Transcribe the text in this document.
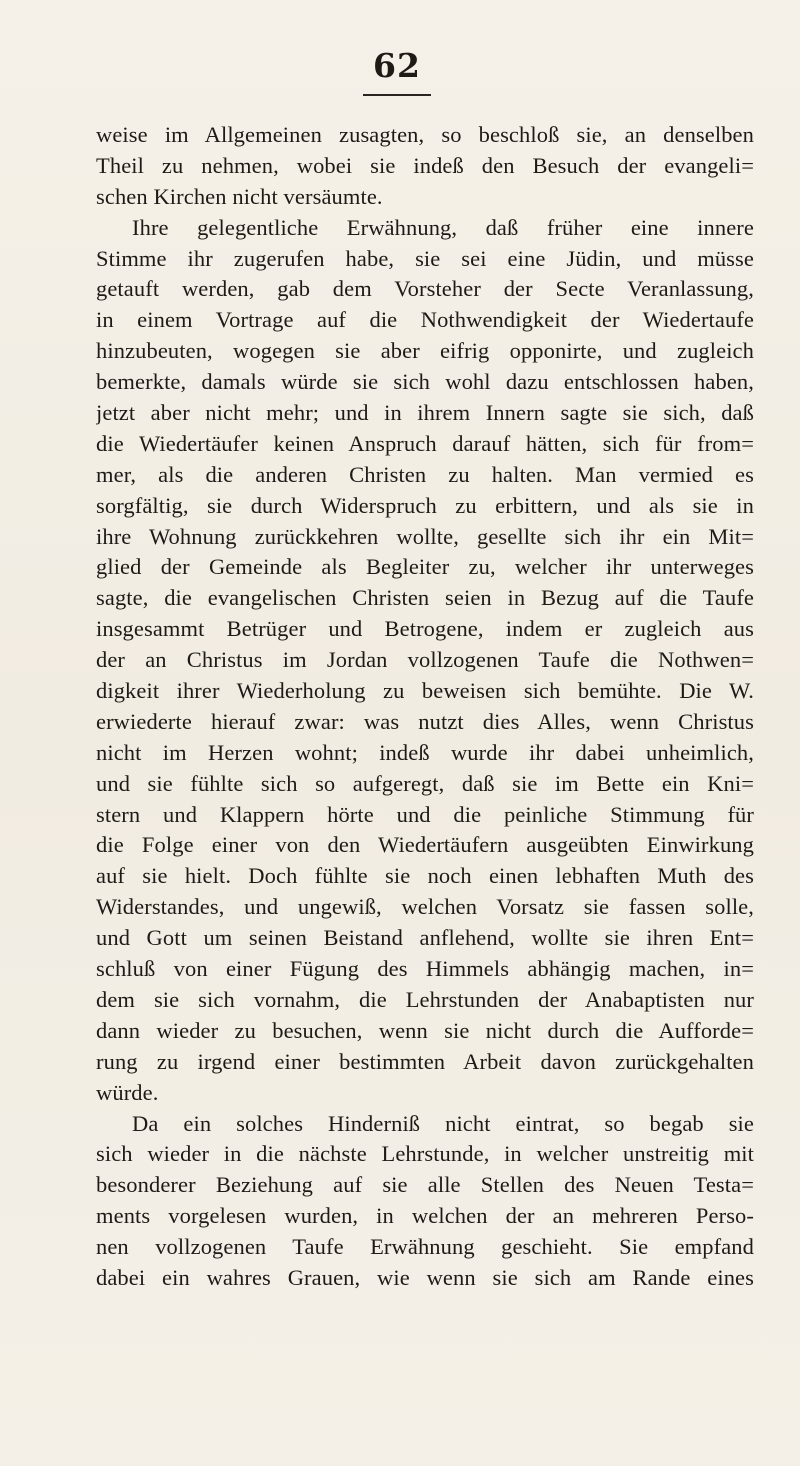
62
weise im Allgemeinen zusagten, so beschloß sie, an denselben
Theil zu nehmen, wobei sie indeß den Besuch der evangeli=
schen Kirchen nicht versäumte.
Ihre gelegentliche Erwähnung, daß früher eine innere
Stimme ihr zugerufen habe, sie sei eine Jüdin, und müsse
getauft werden, gab dem Vorsteher der Secte Veranlassung,
in einem Vortrage auf die Nothwendigkeit der Wiedertaufe
hinzubeuten, wogegen sie aber eifrig opponirte, und zugleich
bemerkte, damals würde sie sich wohl dazu entschlossen haben,
jetzt aber nicht mehr; und in ihrem Innern sagte sie sich, daß
die Wiedertäufer keinen Anspruch darauf hätten, sich für from=
mer, als die anderen Christen zu halten. Man vermied es
sorgfältig, sie durch Widerspruch zu erbittern, und als sie in
ihre Wohnung zurückkehren wollte, gesellte sich ihr ein Mit=
glied der Gemeinde als Begleiter zu, welcher ihr unterweges
sagte, die evangelischen Christen seien in Bezug auf die Taufe
insgesammt Betrüger und Betrogene, indem er zugleich aus
der an Christus im Jordan vollzogenen Taufe die Nothwen=
digkeit ihrer Wiederholung zu beweisen sich bemühte. Die W.
erwiederte hierauf zwar: was nutzt dies Alles, wenn Christus
nicht im Herzen wohnt; indeß wurde ihr dabei unheimlich,
und sie fühlte sich so aufgeregt, daß sie im Bette ein Kni=
stern und Klappern hörte und die peinliche Stimmung für
die Folge einer von den Wiedertäufern ausgeübten Einwirkung
auf sie hielt. Doch fühlte sie noch einen lebhaften Muth des
Widerstandes, und ungewiß, welchen Vorsatz sie fassen solle,
und Gott um seinen Beistand anflehend, wollte sie ihren Ent=
schluß von einer Fügung des Himmels abhängig machen, in=
dem sie sich vornahm, die Lehrstunden der Anabaptisten nur
dann wieder zu besuchen, wenn sie nicht durch die Aufforde=
rung zu irgend einer bestimmten Arbeit davon zurückgehalten
würde.
Da ein solches Hinderniß nicht eintrat, so begab sie
sich wieder in die nächste Lehrstunde, in welcher unstreitig mit
besonderer Beziehung auf sie alle Stellen des Neuen Testa=
ments vorgelesen wurden, in welchen der an mehreren Perso-
nen vollzogenen Taufe Erwähnung geschieht. Sie empfand
dabei ein wahres Grauen, wie wenn sie sich am Rande eines
